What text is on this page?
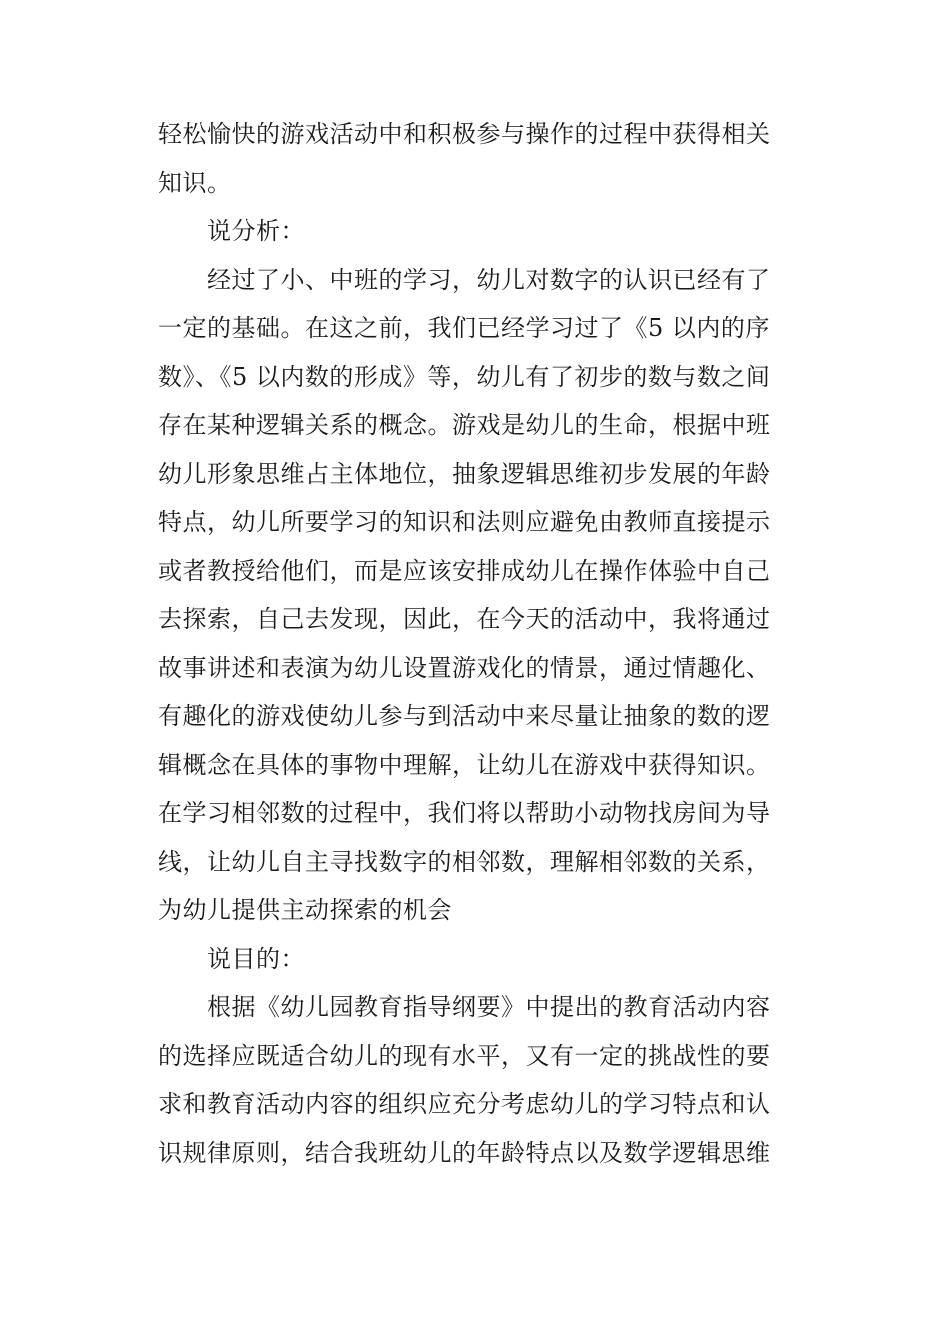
轻松愉快的游戏活动中和积极参与操作的过程中获得相关
知识。

说分析：

经过了小、中班的学习，幼儿对数字的认识已经有了
一定的基础。在这之前，我们已经学习过了《5 以内的序
数》、《5 以内数的形成》等，幼儿有了初步的数与数之间
存在某种逻辑关系的概念。游戏是幼儿的生命，根据中班
幼儿形象思维占主体地位，抽象逻辑思维初步发展的年龄
特点，幼儿所要学习的知识和法则应避免由教师直接提示
或者教授给他们，而是应该安排成幼儿在操作体验中自己
去探索，自己去发现，因此，在今天的活动中，我将通过
故事讲述和表演为幼儿设置游戏化的情景，通过情趣化、
有趣化的游戏使幼儿参与到活动中来尽量让抽象的数的逻
辑概念在具体的事物中理解，让幼儿在游戏中获得知识。
在学习相邻数的过程中，我们将以帮助小动物找房间为导
线，让幼儿自主寻找数字的相邻数，理解相邻数的关系，
为幼儿提供主动探索的机会

说目的：

根据《幼儿园教育指导纲要》中提出的教育活动内容
的选择应既适合幼儿的现有水平，又有一定的挑战性的要
求和教育活动内容的组织应充分考虑幼儿的学习特点和认
识规律原则，结合我班幼儿的年龄特点以及数学逻辑思维
